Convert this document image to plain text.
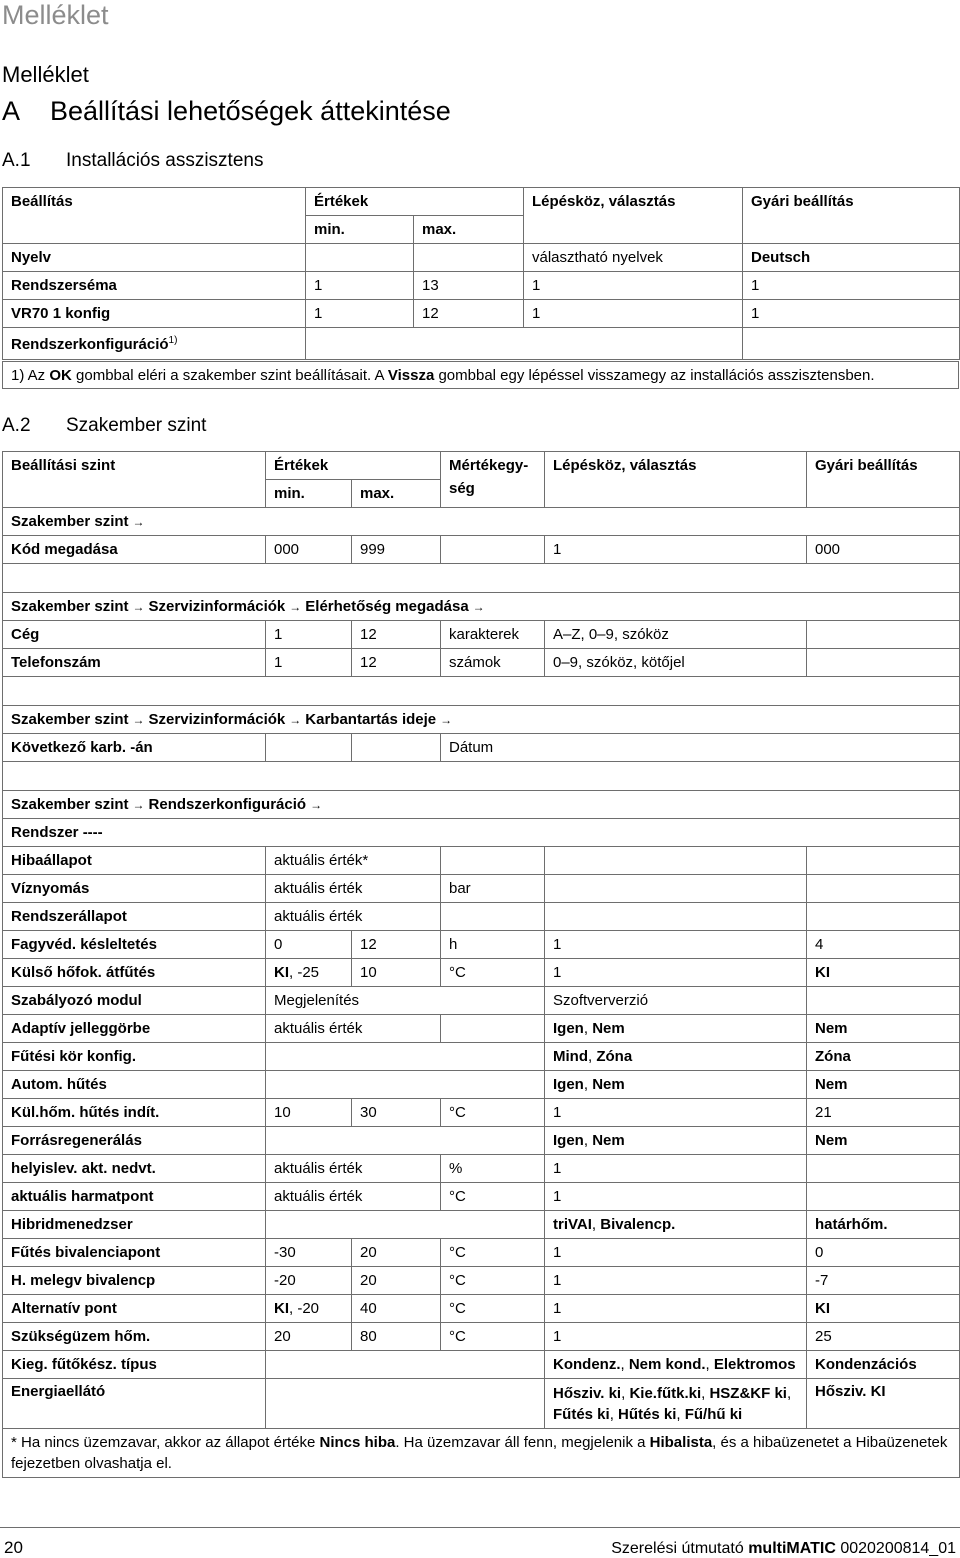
Melléklet
Melléklet
A Beállítási lehetőségek áttekintése
A.1 Installációs asszisztens
Beállítás	Értékek		Lépésköz, választás	Gyári beállítás
	min.	max.		
Nyelv			választható nyelvek	Deutsch
Rendszerséma	1	13	1	1
VR70 1 konfig	1	12	1	1
Rendszerkonfiguráció$^{1)}$		
1) Az OK gombbal eléri a szakember szint beállításait. A Vissza gombbal egy lépéssel visszamegy az installációs asszisztensben.
A.2 Szakember szint
Beállítási szint	Értékek		Mértékegy-	Lépésköz, választás	Gyári beállítás
	min.	max.	ség		
Szakember szint →					
Kód megadása	000	999		1	000

Szakember szint → Szervizinformációk → Elérhetőség megadása →					
Cég	1	12	karakterek	A–Z, 0–9, szóköz	
Telefonszám	1	12	számok	0–9, szóköz, kötőjel	

Szakember szint → Szervizinformációk → Karbantartás ideje →					
Következő karb. -án			Dátum		

Szakember szint → Rendszerkonfiguráció →					
Rendszer ----					
Hibaállapot	aktuális érték*				
Víznyomás	aktuális érték		bar		
Rendszerállapot	aktuális érték				
Fagyvéd. késleltetés	0	12	h	1	4
Külső hőfok. átfűtés	KI, -25	10	°C	1	KI
Szabályozó modul	Megjelenítés			Szoftververzió	
Adaptív jelleggörbe	aktuális érték			Igen, Nem	Nem
Fűtési kör konfig.				Mind, Zóna	Zóna
Autom. hűtés				Igen, Nem	Nem
Kül.hőm. hűtés indít.	10	30	°C	1	21
Forrásregenerálás				Igen, Nem	Nem
helyislev. akt. nedvt.	aktuális érték		%	1	
aktuális harmatpont	aktuális érték		°C	1	
Hibridmenedzser				triVAI, Bivalencp.	határhőm.
Fűtés bivalenciapont	-30	20	°C	1	0
H. melegv bivalencp	-20	20	°C	1	-7
Alternatív pont	KI, -20	40	°C	1	KI
Szükségüzem hőm.	20	80	°C	1	25
Kieg. fűtőkész. típus				Kondenz., Nem kond., Elektromos	Kondenzációs
Energiaellátó				Hősziv. ki, Kie.fűtk.ki, HSZ&KF ki, Fűtés ki, Hűtés ki, Fű/hű ki	Hősziv. KI
* Ha nincs üzemzavar, akkor az állapot értéke Nincs hiba. Ha üzemzavar áll fenn, megjelenik a Hibalista, és a hibaüzenetet a Hibaüzenetek fejezetben olvashatja el.					
20	Szerelési útmutató multiMATIC 0020200814_01
